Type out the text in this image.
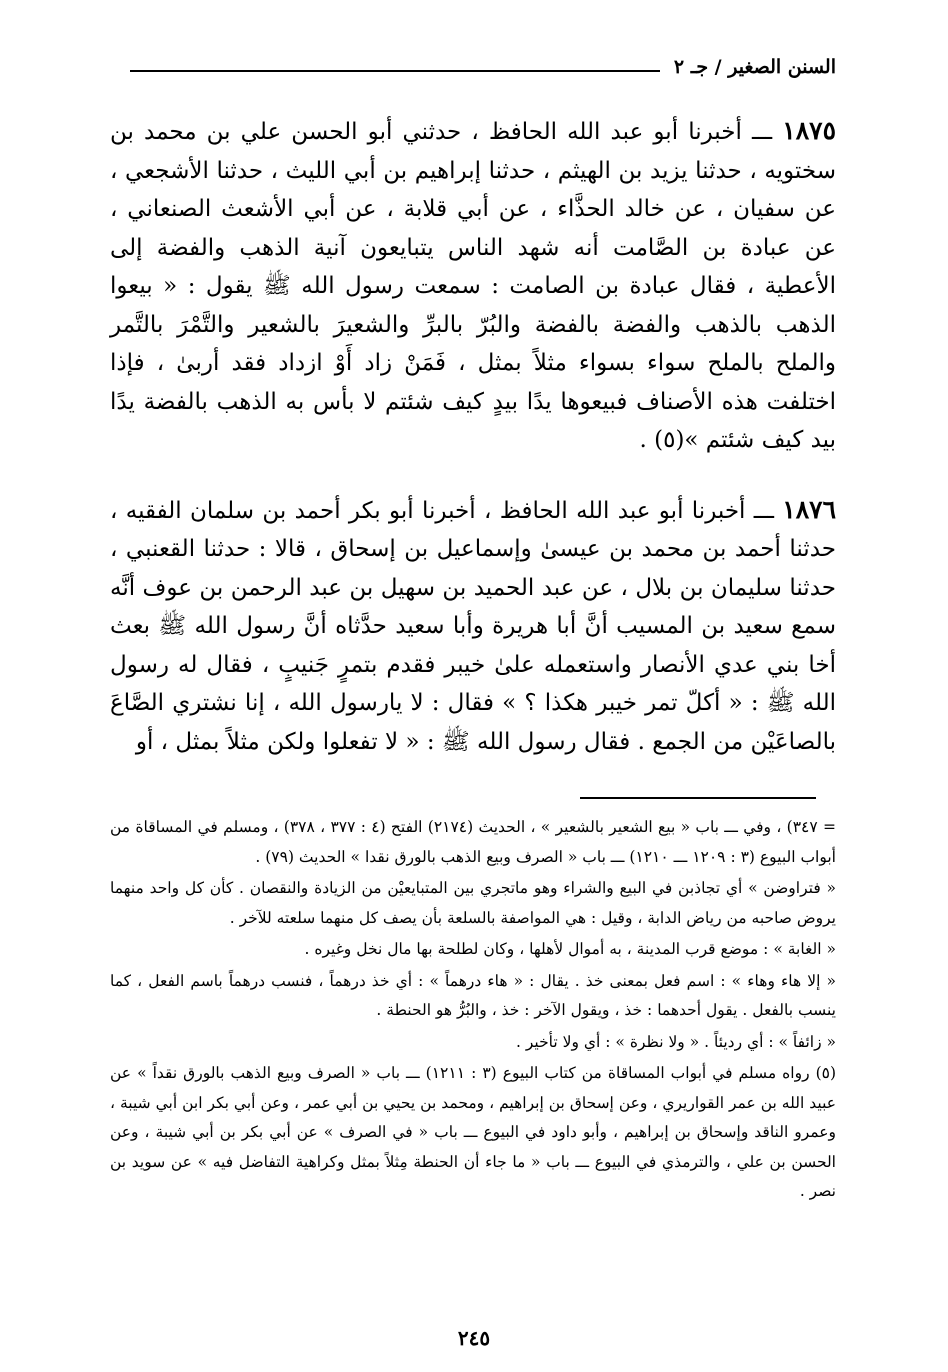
السنن الصغير / جـ ٢

١٨٧٥ ـــ أخبرنا أبو عبد الله الحافظ ، حدثني أبو الحسن علي بن محمد بن سختويه ، حدثنا يزيد بن الهيثم ، حدثنا إبراهيم بن أبي الليث ، حدثنا الأشجعي ، عن سفيان ، عن خالد الحذَّاء ، عن أبي قلابة ، عن أبي الأشعث الصنعاني ، عن عبادة بن الصَّامت أنه شهد الناس يتبايعون آنية الذهب والفضة إلى الأعطية ، فقال عبادة بن الصامت : سمعت رسول الله ﷺ يقول : « بيعوا الذهب بالذهب والفضة بالفضة والبُرّ بالبرِّ والشعيرَ بالشعير والتَّمْرَ بالتَّمر والملح بالملح سواء بسواء مثلاً بمثل ، فَمَنْ زاد أَوْ ازداد فقد أربىٰ ، فإذا اختلفت هذه الأصناف فبيعوها يدًا بيدٍ كيف شئتم لا بأس به الذهب بالفضة يدًا بيد كيف شئتم »(٥) .

١٨٧٦ ـــ أخبرنا أبو عبد الله الحافظ ، أخبرنا أبو بكر أحمد بن سلمان الفقيه ، حدثنا أحمد بن محمد بن عيسىٰ وإسماعيل بن إسحاق ، قالا : حدثنا القعنبي ، حدثنا سليمان بن بلال ، عن عبد الحميد بن سهيل بن عبد الرحمن بن عوف أنَّه سمع سعيد بن المسيب أنَّ أبا هريرة وأبا سعيد حدَّثاه أنَّ رسول الله ﷺ بعث أخا بني عدي الأنصار واستعمله علىٰ خيبر فقدم بتمرٍ جَنيبٍ ، فقال له رسول الله ﷺ : « أكلّ تمر خيبر هكذا ؟ » فقال : لا يارسول الله ، إنا نشتري الصَّاعَ بالصاعَيْن من الجمع . فقال رسول الله ﷺ : « لا تفعلوا ولكن مثلاً بمثل ، أو

= ٣٤٧) ، وفي ـــ باب « بيع الشعير بالشعير » ، الحديث (٢١٧٤) الفتح (٤ : ٣٧٧ ، ٣٧٨) ، ومسلم في المساقاة من أبواب البيوع (٣ : ١٢٠٩ ـــ ١٢١٠) ـــ باب « الصرف وبيع الذهب بالورق نقدا » الحديث (٧٩) .

« فتراوضن » أي تجاذبن في البيع والشراء وهو ماتجري بين المتبايعيْن من الزيادة والنقصان . كأن كل واحد منهما يروض صاحبه من رياض الدابة ، وقيل : هي المواصفة بالسلعة بأن يصف كل منهما سلعته للآخر .

« الغابة » : موضع قرب المدينة ، به أموال لأهلها ، وكان لطلحة بها مال نخل وغيره .

« إلا هاء وهاء » : اسم فعل بمعنى خذ . يقال : « هاء درهماً » : أي خذ درهماً ، فنسب درهماً باسم الفعل ، كما ينسب بالفعل . يقول أحدهما : خذ ، ويقول الآخر : خذ ، والبُرُّ هو الحنطة .

« زائفاً » : أي رديئاً . « ولا نظرة » : أي ولا تأخير .

(٥) رواه مسلم في أبواب المساقاة من كتاب البيوع (٣ : ١٢١١) ـــ باب « الصرف وبيع الذهب بالورق نقداً » عن عبيد الله بن عمر القواريري ، وعن إسحاق بن إبراهيم ، ومحمد بن يحيي بن أبي عمر ، وعن أبي بكر ابن أبي شيبة ، وعمرو الناقد وإسحاق بن إبراهيم ، وأبو داود في البيوع ـــ باب « في الصرف » عن أبي بكر بن أبي شيبة ، وعن الحسن بن علي ، والترمذي في البيوع ـــ باب « ما جاء أن الحنطة مِثلاً بمثل وكراهية التفاضل فيه » عن سويد بن نصر .

٢٤٥
